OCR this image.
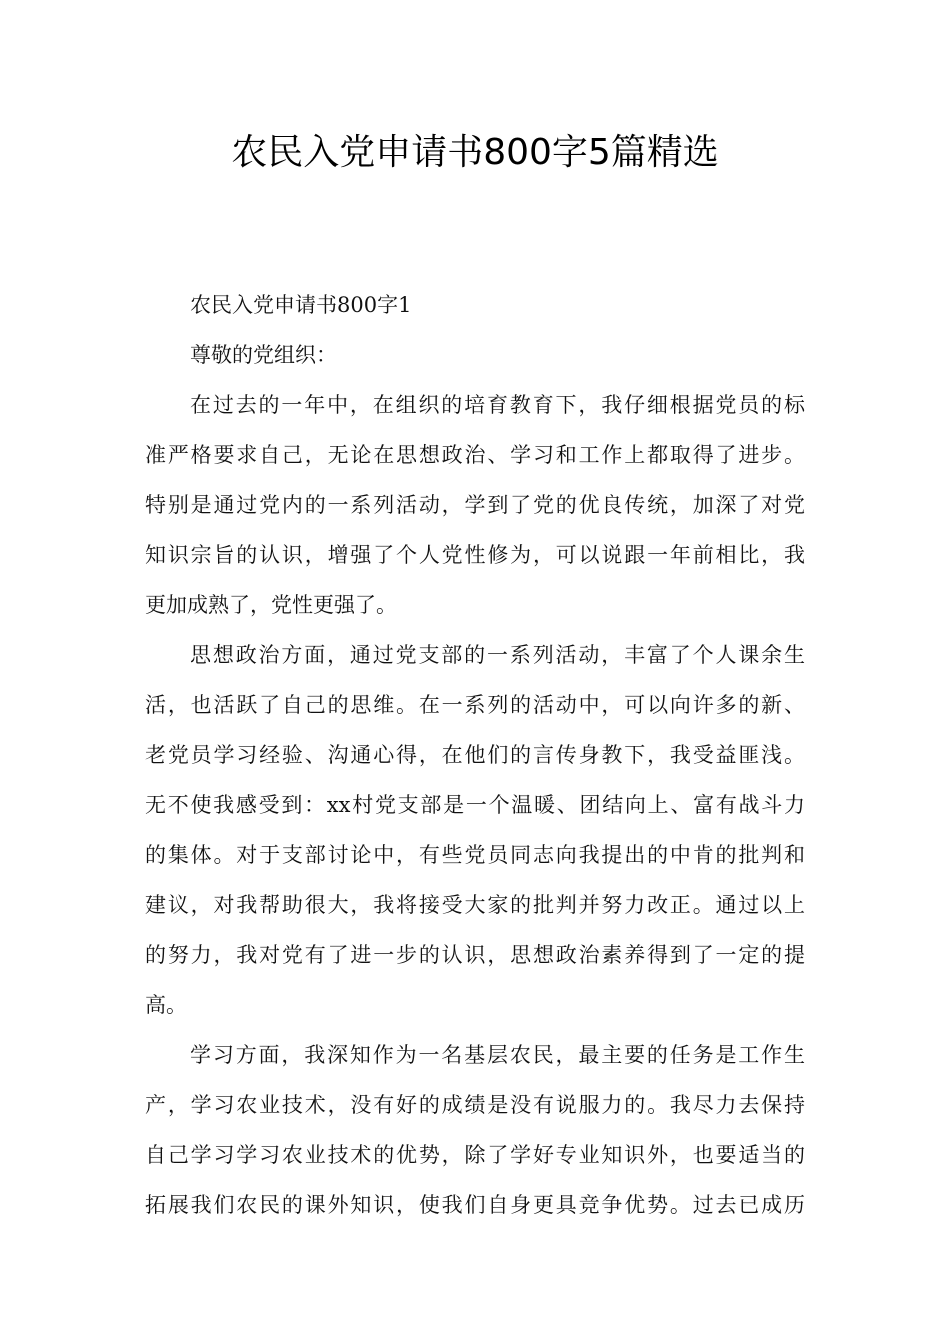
农民入党申请书800字5篇精选
农民入党申请书800字1
尊敬的党组织：
在过去的一年中，在组织的培育教育下，我仔细根据党员的标
准严格要求自己，无论在思想政治、学习和工作上都取得了进步。
特别是通过党内的一系列活动，学到了党的优良传统，加深了对党
知识宗旨的认识，增强了个人党性修为，可以说跟一年前相比，我
更加成熟了，党性更强了。
思想政治方面，通过党支部的一系列活动，丰富了个人课余生
活，也活跃了自己的思维。在一系列的活动中，可以向许多的新、
老党员学习经验、沟通心得，在他们的言传身教下，我受益匪浅。
无不使我感受到：xx村党支部是一个温暖、团结向上、富有战斗力
的集体。对于支部讨论中，有些党员同志向我提出的中肯的批判和
建议，对我帮助很大，我将接受大家的批判并努力改正。通过以上
的努力，我对党有了进一步的认识，思想政治素养得到了一定的提
高。
学习方面，我深知作为一名基层农民，最主要的任务是工作生
产，学习农业技术，没有好的成绩是没有说服力的。我尽力去保持
自己学习学习农业技术的优势，除了学好专业知识外，也要适当的
拓展我们农民的课外知识，使我们自身更具竞争优势。过去已成历
